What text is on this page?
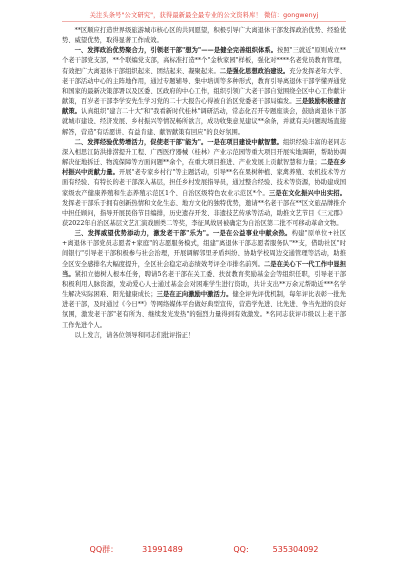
关注头条号"公文研究"，获得最新最全最专业的公文资料库！ 微信：gongwenyj

**区顺应打造世界级旅游城市核心区的共同愿望，积极引导广大离退休干部发挥政治优势、经验优势、威望优势，取得显著工作成效。

一、发挥政治优势聚合力，引领老干部"想为"——是健全完善组织体系。按照"三就近"原则成立**个老干部党支部，**个联编党支部，高标准打造**个"金秋家园"样板，强化对****名老党员教育管理，有效把广大离退休干部组织起来、团结起来、凝聚起来。二是强化思想政治建设。充分发挥老年大学、老干部活动中心的主阵地作用，通过专题辅导、集中培训等多种形式，教育引导离退休干部学懂弄通党和国家的最新决策部署以及区委、区政府的中心工作，组织引领广大老干部自觉围绕全区中心工作献计献策，百岁老干部李学安先生学习党的二十大报告心得被自治区党委老干部局编发。三是鼓励积极建言献策。认真组织"建言二十大"和"我看新时代桂林"调研活动，常态化召开专题座谈会，鼓励离退休干部就城市建设、经济发展、乡村振兴等情况畅所欲言，成功收集意见建议**余条，并就有关问题现场直接解答，营造"有话愿讲、有益肯建、献智献策有回应"的良好氛围。

二、发挥经验优势增活力，促使老干部"能为"。一是在项目建设中献智慧。组织经验丰富的老同志深入相思江防洪排涝提升工程、广西医疗器械（桂林）产业示范园等重大项目开展实地调研，帮助协调解决征地拆迁、物流保障等方面问题**余个，在重大项目推进、产业发展上贡献智慧和力量；二是在乡村振兴中贡献力量。开展"老专家乡村行"等主题活动，引导**名在果树种植、家禽养殖、农机技术等方面有经验、有特长的老干部深入基层，担任乡村发展指导员，通过整合经验、技术等资源，协助建成国家级农产健康养殖和生态养殖示范区1个、自治区级特色农业示范区*个。三是在文化振兴中出实招。发挥老干部乐于拥有创新热情和文化生态、地方文化的独特优势，邀请**名老干部在**区文旅品牌推介中担任顾问，指导开展民俗节目编排，历史遗存开发、非遗技艺传承等活动，助推文艺节目《三元郡》获2022年自治区基层文艺汇演戏剧类二等奖，李征风故居被确定为自治区第二批不可移动革命文物。

三、发挥威望优势添动力，激发老干部"乐为"。一是在公益事业中献余热。构建"原单位+社区+离退休干部党员志愿者+家庭"的志愿服务模式，组建"离退休干部志愿者服务队"**支，借助社区"时间银行"引导老干部积极参与社会治理，开展调解邻里矛盾纠纷、协助学校周边交通管理等活动，助推全区安全感排名大幅度提升，全区社会稳定动态绩效考评全市排名前列。二是在关心下一代工作中显担当。紧扣立德树人根本任务，聘请5名老干部在关工委、扶贫教育奖励基金会等组织任职，引导老干部积极利用人脉资源，发动爱心人士通过基金会对困难学生进行资助，共计支出**万余元帮助近***名学生解决实际困难、阳光健康成长；三是在正向激励中激活力。健全评先评优机制，每年评比表彰一批先进老干部，及时通过《今日**》等网络媒体平台做好典型宣传，营造学先进、比先进、争当先进的良好氛围，激发老干部"老有所为、继续发光发热"的强烈力量得到有效激发。*名同志获评市级以上老干部工作先进个人。

以上发言，请各位领导和同志们批评指正！

QQ群：	31991489	QQ:	535304092
